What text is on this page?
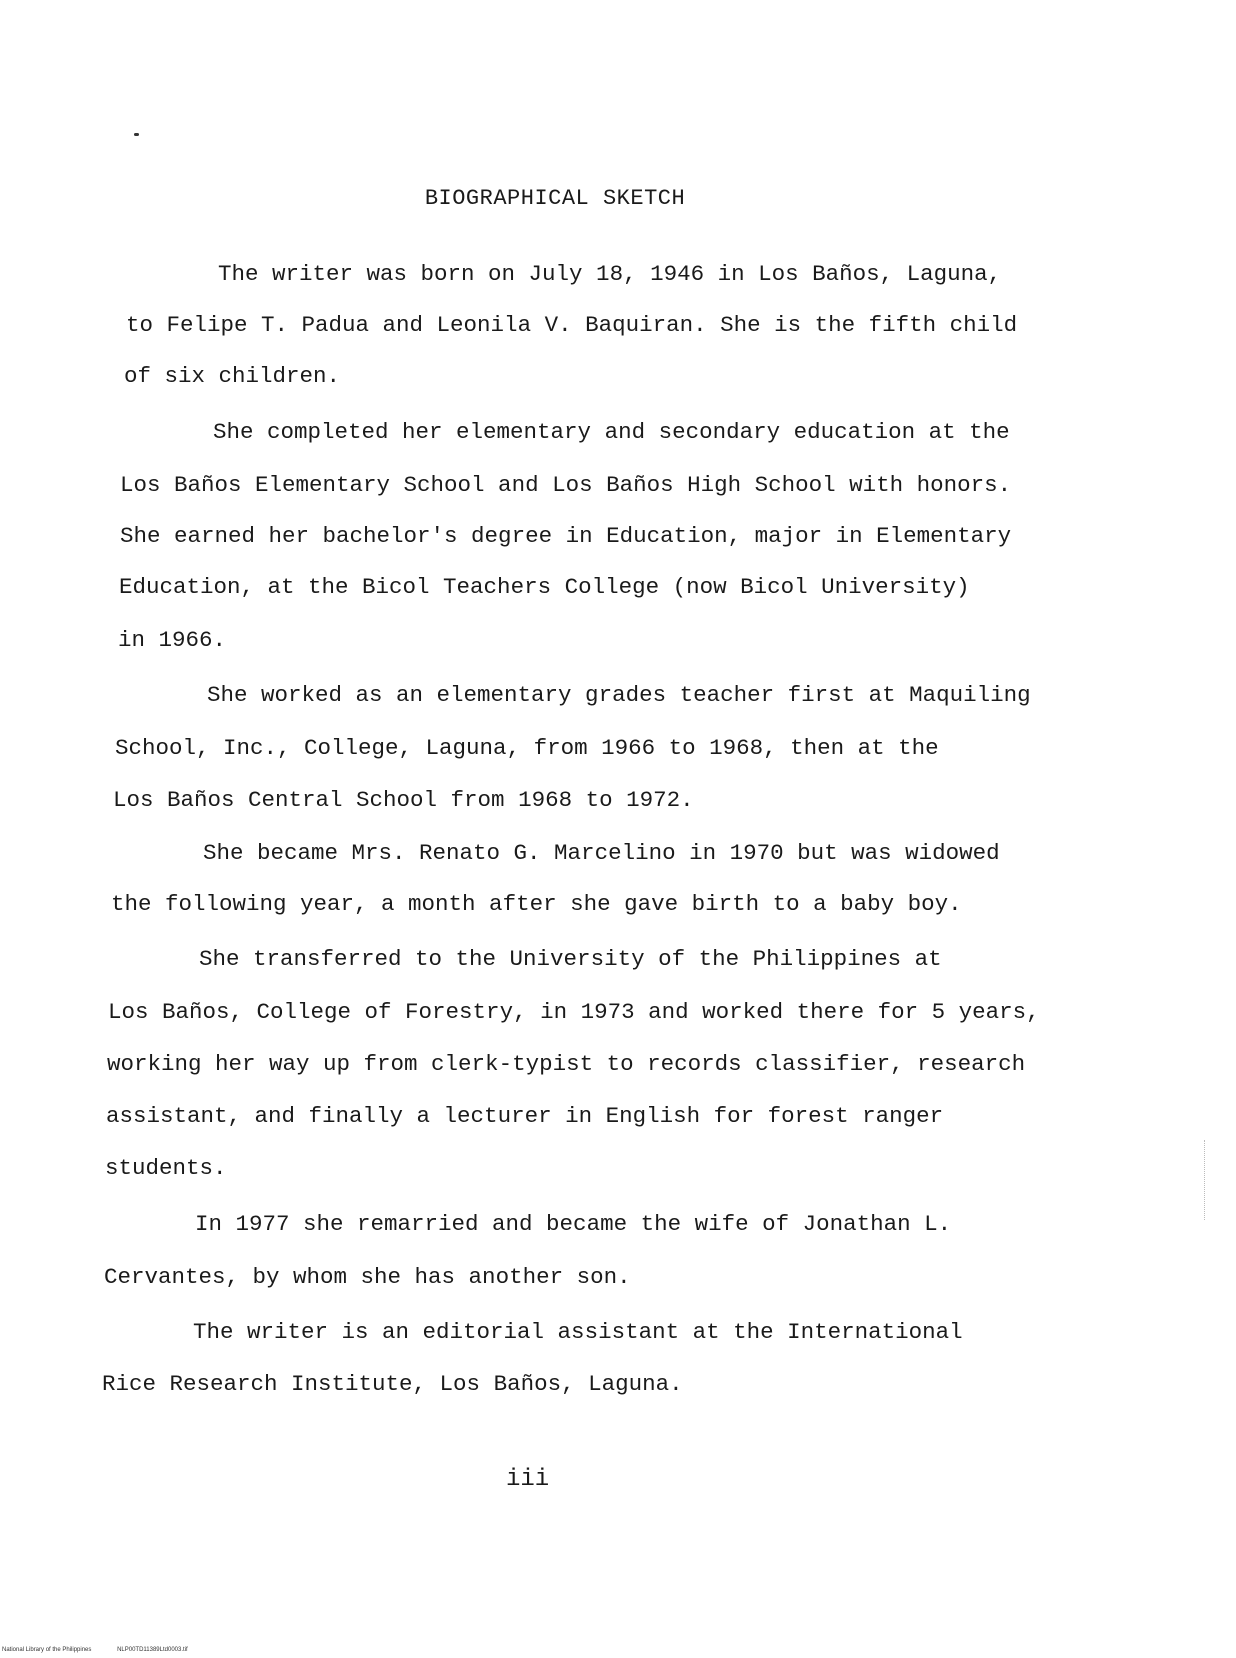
BIOGRAPHICAL SKETCH
The writer was born on July 18, 1946 in Los Baños, Laguna,
to Felipe T. Padua and Leonila V. Baquiran. She is the fifth child
of six children.
She completed her elementary and secondary education at the
Los Baños Elementary School and Los Baños High School with honors.
She earned her bachelor's degree in Education, major in Elementary
Education, at the Bicol Teachers College (now Bicol University)
in 1966.
She worked as an elementary grades teacher first at Maquiling
School, Inc., College, Laguna, from 1966 to 1968, then at the
Los Baños Central School from 1968 to 1972.
She became Mrs. Renato G. Marcelino in 1970 but was widowed
the following year, a month after she gave birth to a baby boy.
She transferred to the University of the Philippines at
Los Baños, College of Forestry, in 1973 and worked there for 5 years,
working her way up from clerk-typist to records classifier, research
assistant, and finally a lecturer in English for forest ranger
students.
In 1977 she remarried and became the wife of Jonathan L.
Cervantes, by whom she has another son.
The writer is an editorial assistant at the International
Rice Research Institute, Los Baños, Laguna.
iii
National Library of the Philippines	NLP00TD11389Ltd0003.tif
